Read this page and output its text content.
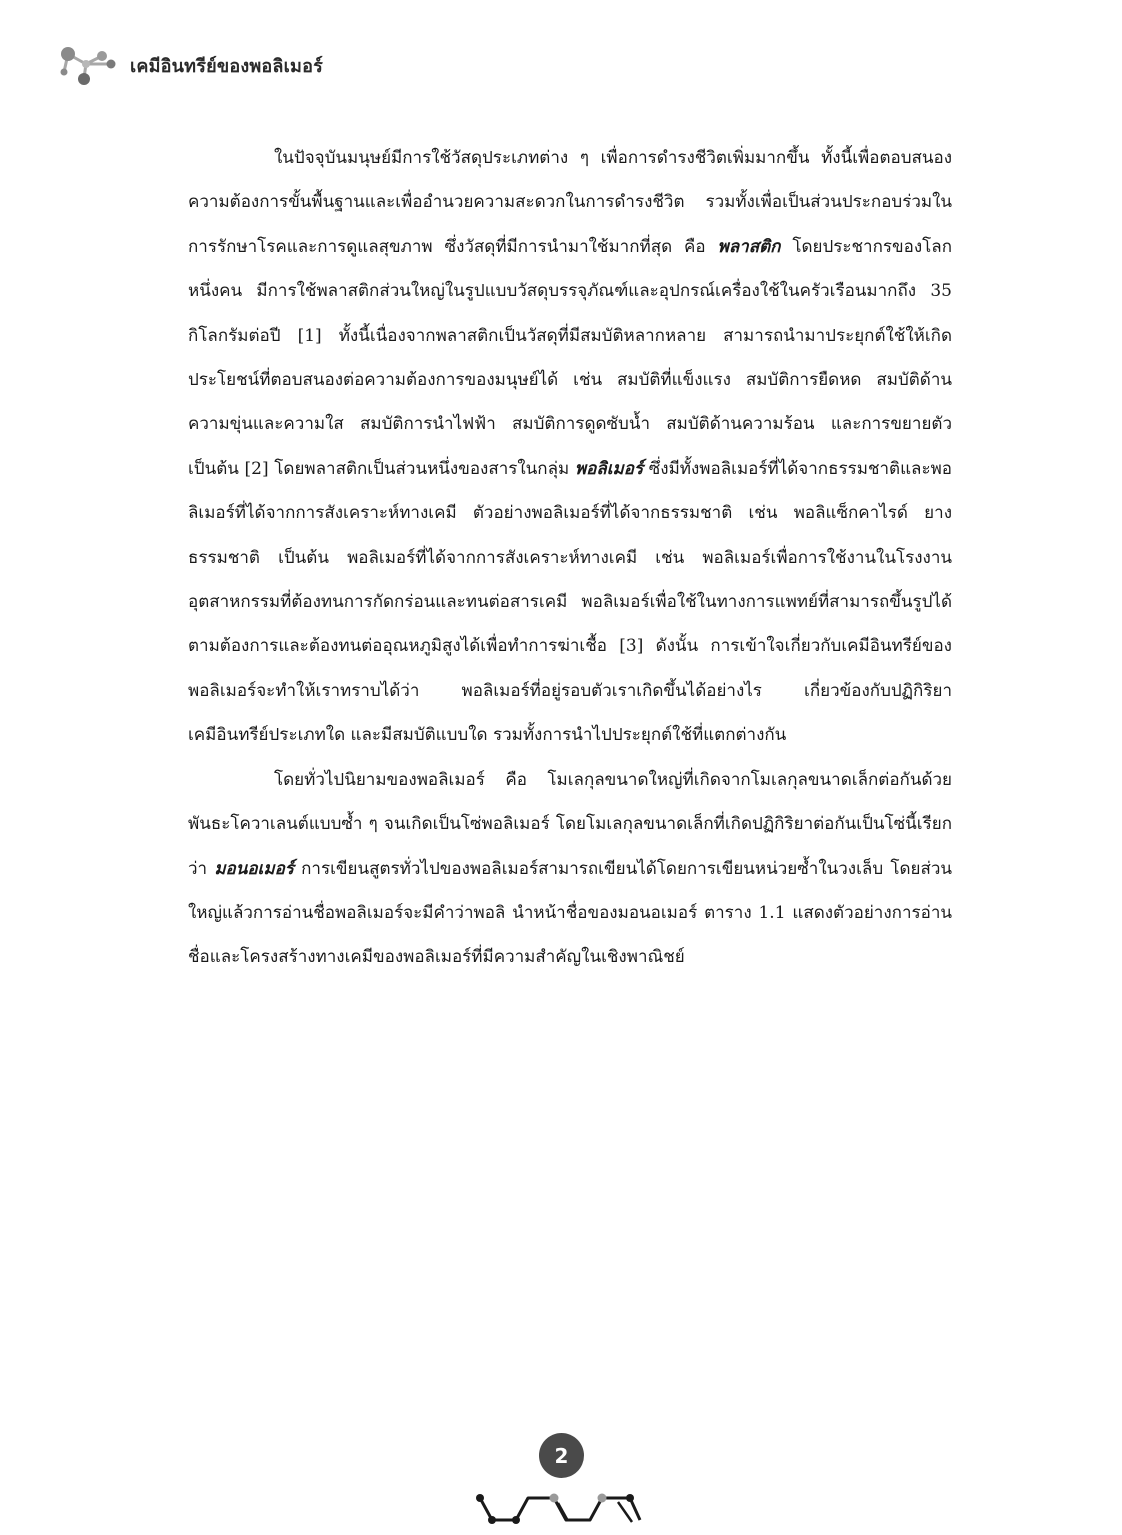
เคมีอินทรีย์ของพอลิเมอร์

ในปัจจุบันมนุษย์มีการใช้วัสดุประเภทต่าง ๆ เพื่อการดำรงชีวิตเพิ่มมากขึ้น ทั้งนี้เพื่อตอบสนองความต้องการขั้นพื้นฐานและเพื่ออำนวยความสะดวกในการดำรงชีวิต รวมทั้งเพื่อเป็นส่วนประกอบร่วมในการรักษาโรคและการดูแลสุขภาพ ซึ่งวัสดุที่มีการนำมาใช้มากที่สุด คือ พลาสติก โดยประชากรของโลกหนึ่งคน มีการใช้พลาสติกส่วนใหญ่ในรูปแบบวัสดุบรรจุภัณฑ์และอุปกรณ์เครื่องใช้ในครัวเรือนมากถึง 35 กิโลกรัมต่อปี [1] ทั้งนี้เนื่องจากพลาสติกเป็นวัสดุที่มีสมบัติหลากหลาย สามารถนำมาประยุกต์ใช้ให้เกิดประโยชน์ที่ตอบสนองต่อความต้องการของมนุษย์ได้ เช่น สมบัติที่แข็งแรง สมบัติการยืดหด สมบัติด้านความขุ่นและความใส สมบัติการนำไฟฟ้า สมบัติการดูดซับน้ำ สมบัติด้านความร้อน และการขยายตัว เป็นต้น [2] โดยพลาสติกเป็นส่วนหนึ่งของสารในกลุ่ม พอลิเมอร์ ซึ่งมีทั้งพอลิเมอร์ที่ได้จากธรรมชาติและพอลิเมอร์ที่ได้จากการสังเคราะห์ทางเคมี ตัวอย่างพอลิเมอร์ที่ได้จากธรรมชาติ เช่น พอลิแซ็กคาไรด์ ยางธรรมชาติ เป็นต้น พอลิเมอร์ที่ได้จากการสังเคราะห์ทางเคมี เช่น พอลิเมอร์เพื่อการใช้งานในโรงงานอุตสาหกรรมที่ต้องทนการกัดกร่อนและทนต่อสารเคมี พอลิเมอร์เพื่อใช้ในทางการแพทย์ที่สามารถขึ้นรูปได้ตามต้องการและต้องทนต่ออุณหภูมิสูงได้เพื่อทำการฆ่าเชื้อ [3] ดังนั้น การเข้าใจเกี่ยวกับเคมีอินทรีย์ของพอลิเมอร์จะทำให้เราทราบได้ว่า พอลิเมอร์ที่อยู่รอบตัวเราเกิดขึ้นได้อย่างไร เกี่ยวข้องกับปฏิกิริยาเคมีอินทรีย์ประเภทใด และมีสมบัติแบบใด รวมทั้งการนำไปประยุกต์ใช้ที่แตกต่างกัน

โดยทั่วไปนิยามของพอลิเมอร์ คือ โมเลกุลขนาดใหญ่ที่เกิดจากโมเลกุลขนาดเล็กต่อกันด้วยพันธะโควาเลนต์แบบซ้ำ ๆ จนเกิดเป็นโซ่พอลิเมอร์ โดยโมเลกุลขนาดเล็กที่เกิดปฏิกิริยาต่อกันเป็นโซ่นี้เรียกว่า มอนอเมอร์ การเขียนสูตรทั่วไปของพอลิเมอร์สามารถเขียนได้โดยการเขียนหน่วยซ้ำในวงเล็บ โดยส่วนใหญ่แล้วการอ่านชื่อพอลิเมอร์จะมีคำว่าพอลิ นำหน้าชื่อของมอนอเมอร์ ตาราง 1.1 แสดงตัวอย่างการอ่านชื่อและโครงสร้างทางเคมีของพอลิเมอร์ที่มีความสำคัญในเชิงพาณิชย์

2
